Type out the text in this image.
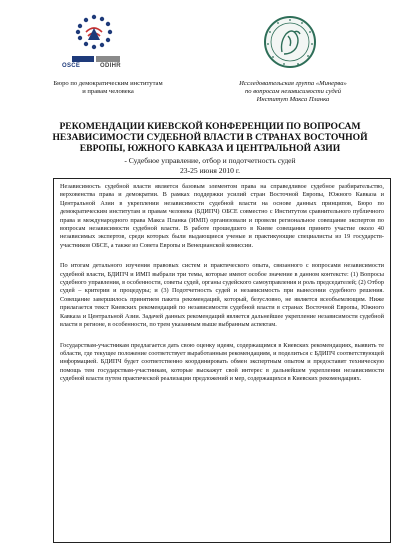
OSCE	ODIHR
Бюро по демократическим институтам
и правам человека
Исследовательская группа «Минерва»
по вопросам независимости судей
Институт Макса Планка
РЕКОМЕНДАЦИИ КИЕВСКОЙ КОНФЕРЕНЦИИ ПО ВОПРОСАМ
НЕЗАВИСИМОСТИ СУДЕБНОЙ ВЛАСТИ В СТРАНАХ ВОСТОЧНОЙ
ЕВРОПЫ, ЮЖНОГО КАВКАЗА И ЦЕНТРАЛЬНОЙ АЗИИ
- Судебное управление, отбор и подотчетность судей
23-25 июня 2010 г.

Независимость судебной власти является базовым элементом права на справедливое судебное разбирательство, верховенства права и демократии. В рамках поддержки усилий стран Восточной Европы, Южного Кавказа и Центральной Азии в укреплении независимости судебной власти на основе данных принципов, Бюро по демократическим институтам и правам человека (БДИПЧ) ОБСЕ совместно с Институтом сравнительного публичного права и международного права Макса Планка (ИМП) организовали и провели региональное совещание экспертов по вопросам независимости судебной власти. В работе прошедшего в Киеве совещания принято участие около 40 независимых экспертов, среди которых были выдающиеся ученые и практикующие специалисты из 19 государств-участников ОБСЕ, а также из Совета Европы и Венецианской комиссии.

По итогам детального изучения правовых систем и практического опыта, связанного с вопросами независимости судебной власти, БДИПЧ и ИМП выбрали три темы, которые имеют особое значение в данном контексте: (1) Вопросы судебного управления, в особенности, советы судей, органы судейского самоуправления и роль председателей; (2) Отбор судей – критерии и процедуры; и (3) Подотчетность судей и независимость при вынесении судебного решения. Совещание завершилось принятием пакета рекомендаций, который, безусловно, не является всеобъемлющим. Ниже прилагается текст Киевских рекомендаций по независимости судебной власти в странах Восточной Европы, Южного Кавказа и Центральной Азии. Задачей данных рекомендаций является дальнейшее укрепление независимости судебной власти в регионе, в особенности, по трем указанным выше выбранным аспектам.

Государствам-участникам предлагается дать свою оценку идеям, содержащимся в Киевских рекомендациях, выявить те области, где текущее положение соответствует выработанным рекомендациям, и поделиться с БДИПЧ соответствующей информацией. БДИПЧ будет соответственно координировать обмен экспертным опытом и предоставит техническую помощь тем государствам-участникам, которые выскажут свой интерес в дальнейшем укреплении независимости судебной власти путем практической реализации предложений и мер, содержащихся в Киевских рекомендациях.
